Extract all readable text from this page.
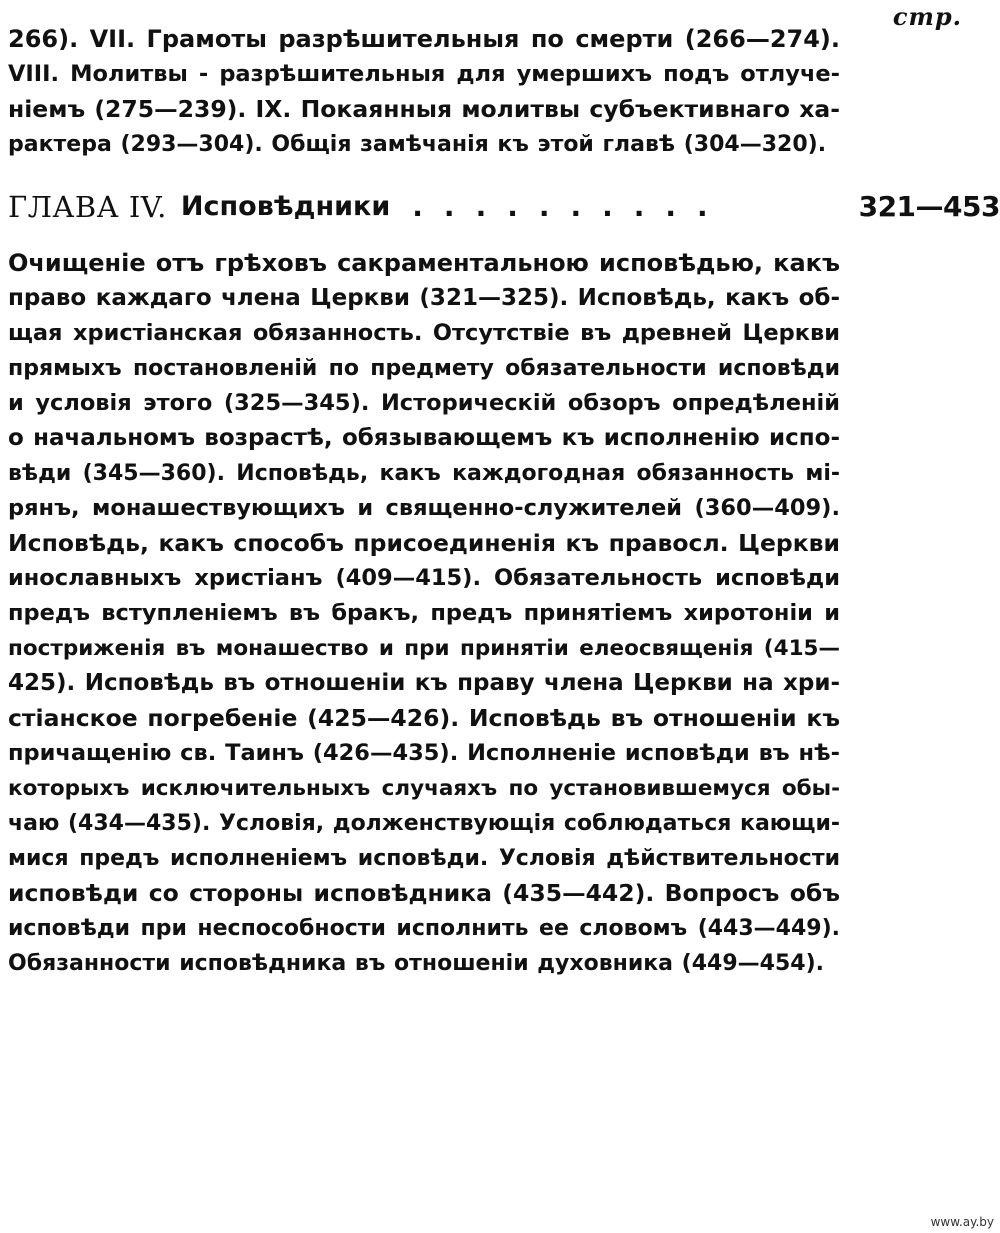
стр.
266). VII. Грамоты разрѣшительныя по смерти (266—274).
VIII. Молитвы - разрѣшительныя для умершихъ подъ отлуче-
ніемъ (275—239). IX. Покаянныя молитвы субъективнаго ха-
рактера (293—304). Общія замѣчанія къ этой главѣ (304—320).
ГЛАВА IV. Исповѣдники ..........	321—453
Очищеніе отъ грѣховъ сакраментальною исповѣдью, какъ
право каждаго члена Церкви (321—325). Исповѣдь, какъ об-
щая христіанская обязанность. Отсутствіе въ древней Церкви
прямыхъ постановленій по предмету обязательности исповѣди
и условія этого (325—345). Историческій обзоръ опредѣленій
о начальномъ возрастѣ, обязывающемъ къ исполненію испо-
вѣди (345—360). Исповѣдь, какъ каждогодная обязанность мі-
рянъ, монашествующихъ и священно-служителей (360—409).
Исповѣдь, какъ способъ присоединенія къ правосл. Церкви
инославныхъ христіанъ (409—415). Обязательность исповѣди
предъ вступленіемъ въ бракъ, предъ принятіемъ хиротоніи и
постриженія въ монашество и при принятіи елеосвященія (415—
425). Исповѣдь въ отношеніи къ праву члена Церкви на хри-
стіанское погребеніе (425—426). Исповѣдь въ отношеніи къ
причащенію св. Таинъ (426—435). Исполненіе исповѣди въ нѣ-
которыхъ исключительныхъ случаяхъ по установившемуся обы-
чаю (434—435). Условія, долженствующія соблюдаться кающи-
мися предъ исполненіемъ исповѣди. Условія дѣйствительности
исповѣди со стороны исповѣдника (435—442). Вопросъ объ
исповѣди при неспособности исполнить ее словомъ (443—449).
Обязанности исповѣдника въ отношеніи духовника (449—454).
www.ay.by
